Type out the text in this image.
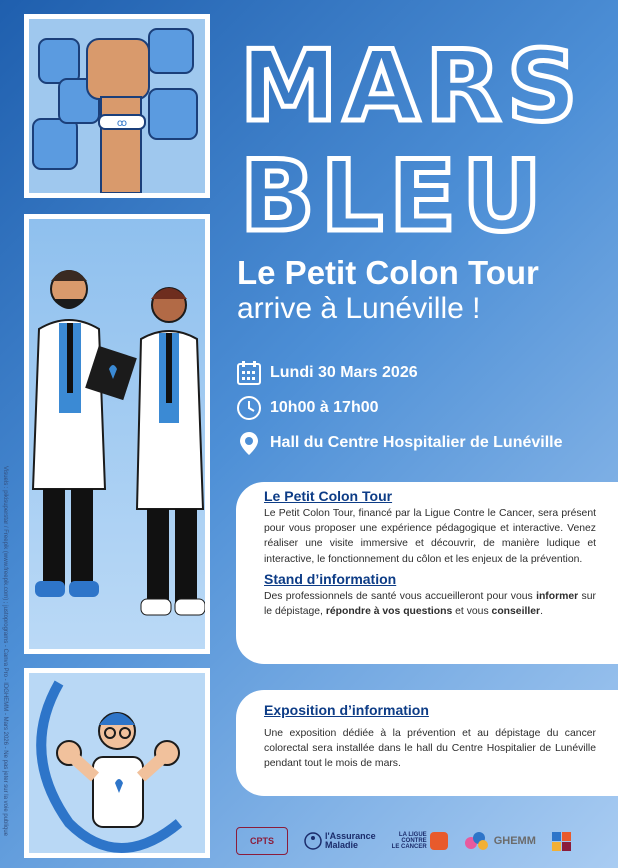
ꝏ MARS
BLEU
Le Petit Colon Tour
arrive à Lunéville !
Lundi 30 Mars 2026
10h00 à 17h00
Hall du Centre Hospitalier de Lunéville
Le Petit Colon Tour

Le Petit Colon Tour, financé par la Ligue Contre le Cancer, sera présent pour vous proposer une expérience pédagogique et interactive. Venez réaliser une visite immersive et découvrir, de manière ludique et interactive, le fonctionnement du côlon et les enjeux de la prévention.

Stand d’information

Des professionnels de santé vous accueilleront pour vous informer sur le dépistage, répondre à vos questions et vous conseiller.

Exposition d’information

Une exposition dédiée à la prévention et au dépistage du cancer colorectal sera installée dans le hall du Centre Hospitalier de Lunéville pendant tout le mois de mars.

CPTS	l'Assurance
Maladie
LA LIGUE
CONTRE
LE CANCER
GHEMM
Visuels : pikisuperstar / Freepik (www.freepik.com) ; justoprograms - Canva Pro - IDGHEMM - Mars 2026 - Ne pas jeter sur la voie publique
